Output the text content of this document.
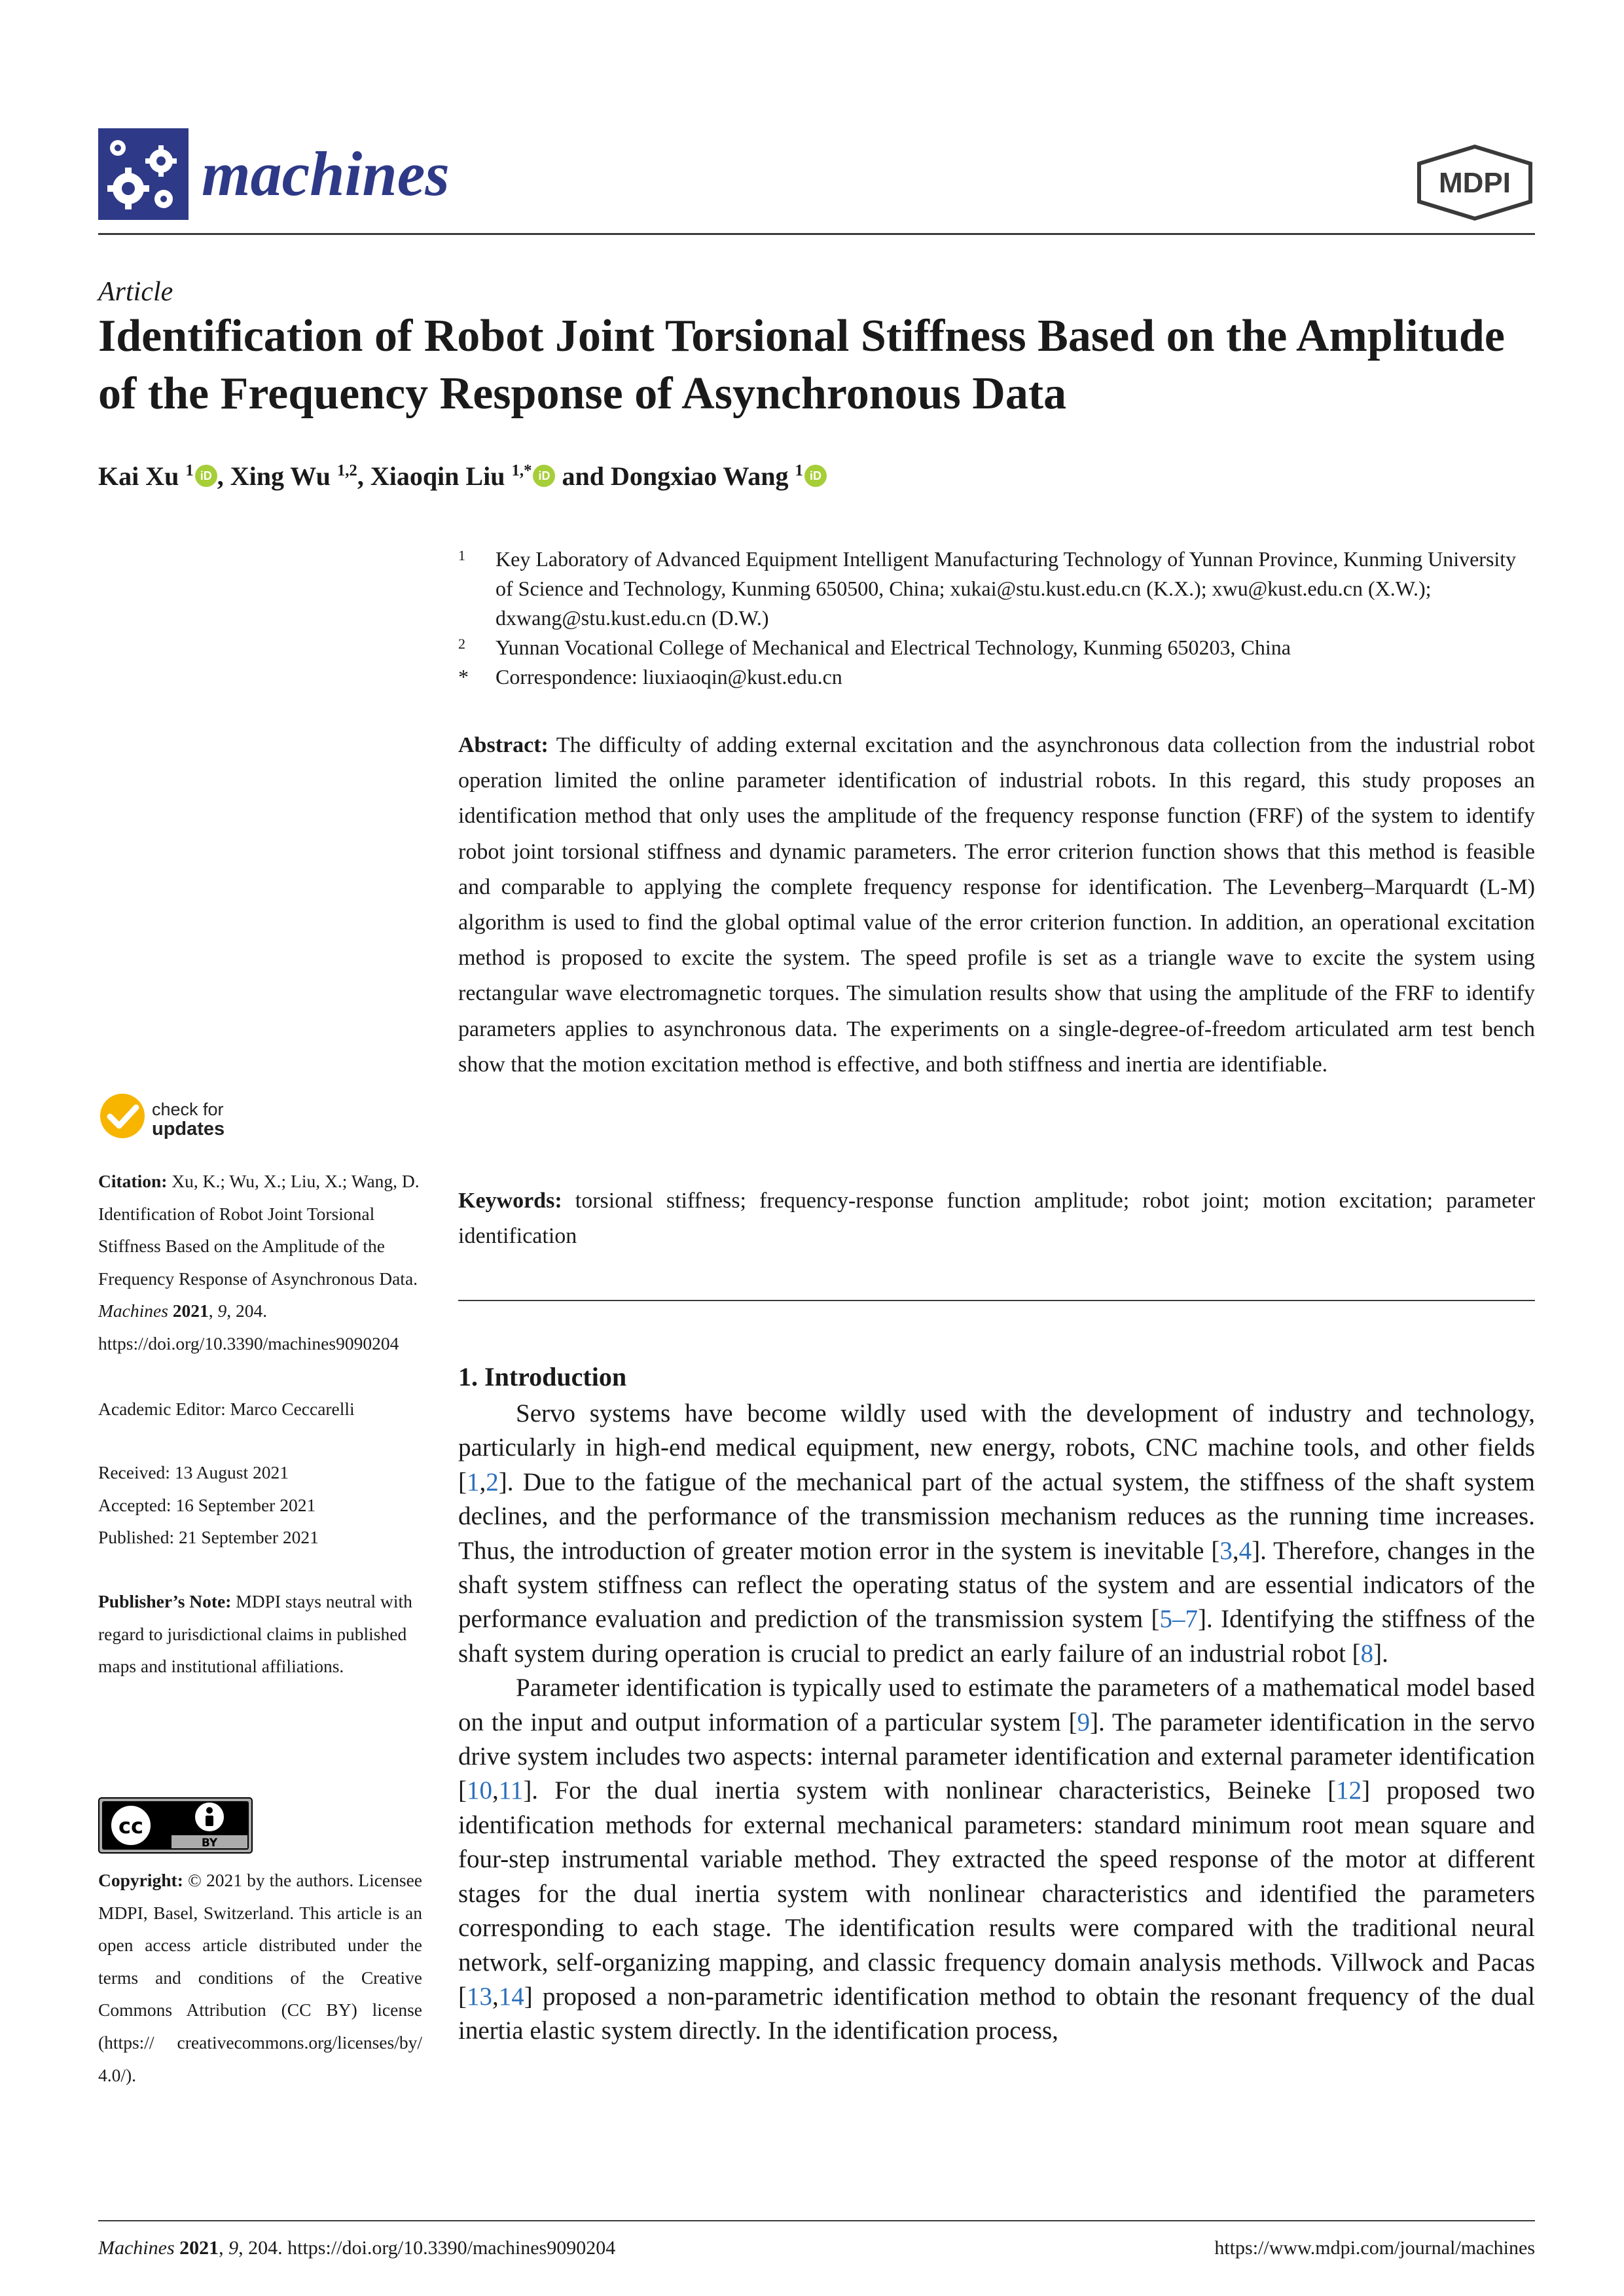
machines	MDPI
Article
Identification of Robot Joint Torsional Stiffness Based on the Amplitude of the Frequency Response of Asynchronous Data
Kai Xu $^1$ iD , Xing Wu $^{1,2}$, Xiaoqin Liu $^{1,*}$ iD and Dongxiao Wang $^1$ iD
1 Key Laboratory of Advanced Equipment Intelligent Manufacturing Technology of Yunnan Province, Kunming University of Science and Technology, Kunming 650500, China; xukai@stu.kust.edu.cn (K.X.); xwu@kust.edu.cn (X.W.); dxwang@stu.kust.edu.cn (D.W.)
2 Yunnan Vocational College of Mechanical and Electrical Technology, Kunming 650203, China
* Correspondence: liuxiaoqin@kust.edu.cn
Abstract: The difficulty of adding external excitation and the asynchronous data collection from the industrial robot operation limited the online parameter identification of industrial robots. In this regard, this study proposes an identification method that only uses the amplitude of the frequency response function (FRF) of the system to identify robot joint torsional stiffness and dynamic parameters. The error criterion function shows that this method is feasible and comparable to applying the complete frequency response for identification. The Levenberg–Marquardt (L-M) algorithm is used to find the global optimal value of the error criterion function. In addition, an operational excitation method is proposed to excite the system. The speed profile is set as a triangle wave to excite the system using rectangular wave electromagnetic torques. The simulation results show that using the amplitude of the FRF to identify parameters applies to asynchronous data. The experiments on a single-degree-of-freedom articulated arm test bench show that the motion excitation method is effective, and both stiffness and inertia are identifiable.
Keywords: torsional stiffness; frequency-response function amplitude; robot joint; motion excitation; parameter identification
1. Introduction

Servo systems have become wildly used with the development of industry and technology, particularly in high-end medical equipment, new energy, robots, CNC machine tools, and other fields [1,2]. Due to the fatigue of the mechanical part of the actual system, the stiffness of the shaft system declines, and the performance of the transmission mechanism reduces as the running time increases. Thus, the introduction of greater motion error in the system is inevitable [3,4]. Therefore, changes in the shaft system stiffness can reflect the operating status of the system and are essential indicators of the performance evaluation and prediction of the transmission system [5–7]. Identifying the stiffness of the shaft system during operation is crucial to predict an early failure of an industrial robot [8].

Parameter identification is typically used to estimate the parameters of a mathematical model based on the input and output information of a particular system [9]. The parameter identification in the servo drive system includes two aspects: internal parameter identification and external parameter identification [10,11]. For the dual inertia system with nonlinear characteristics, Beineke [12] proposed two identification methods for external mechanical parameters: standard minimum root mean square and four-step instrumental variable method. They extracted the speed response of the motor at different stages for the dual inertia system with nonlinear characteristics and identified the parameters corresponding to each stage. The identification results were compared with the traditional neural network, self-organizing mapping, and classic frequency domain analysis methods. Villwock and Pacas [13,14] proposed a non-parametric identification method to obtain the resonant frequency of the dual inertia elastic system directly. In the identification process,

check for
updates

Citation: Xu, K.; Wu, X.; Liu, X.; Wang, D. Identification of Robot Joint Torsional Stiffness Based on the Amplitude of the Frequency Response of Asynchronous Data. Machines 2021, 9, 204. https://doi.org/10.3390/machines9090204

Academic Editor: Marco Ceccarelli

Received: 13 August 2021

Accepted: 16 September 2021

Published: 21 September 2021

Publisher’s Note: MDPI stays neutral with regard to jurisdictional claims in published maps and institutional affiliations.

cc
BY
Copyright: © 2021 by the authors. Licensee MDPI, Basel, Switzerland. This article is an open access article distributed under the terms and conditions of the Creative Commons Attribution (CC BY) license (https:// creativecommons.org/licenses/by/ 4.0/).
Machines 2021, 9, 204. https://doi.org/10.3390/machines9090204	https://www.mdpi.com/journal/machines
